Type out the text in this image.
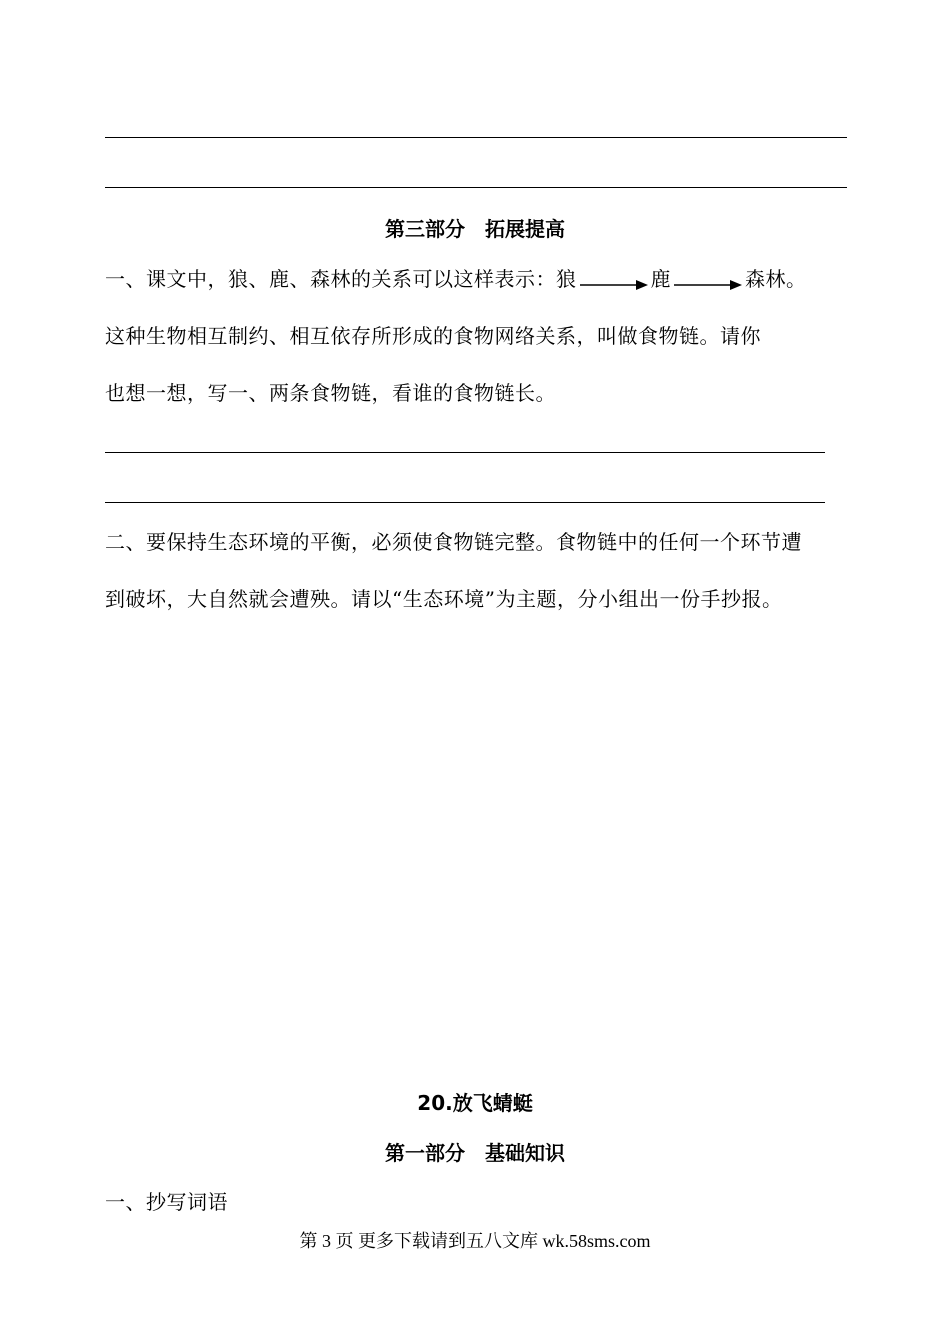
第三部分　拓展提高
一、课文中，狼、鹿、森林的关系可以这样表示：狼	鹿	森林。
这种生物相互制约、相互依存所形成的食物网络关系，叫做食物链。请你
也想一想，写一、两条食物链，看谁的食物链长。
二、要保持生态环境的平衡，必须使食物链完整。食物链中的任何一个环节遭
到破坏，大自然就会遭殃。请以“生态环境”为主题，分小组出一份手抄报。
20.放飞蜻蜓
第一部分　基础知识
一、抄写词语
第 3 页 更多下载请到五八文库 wk.58sms.com
